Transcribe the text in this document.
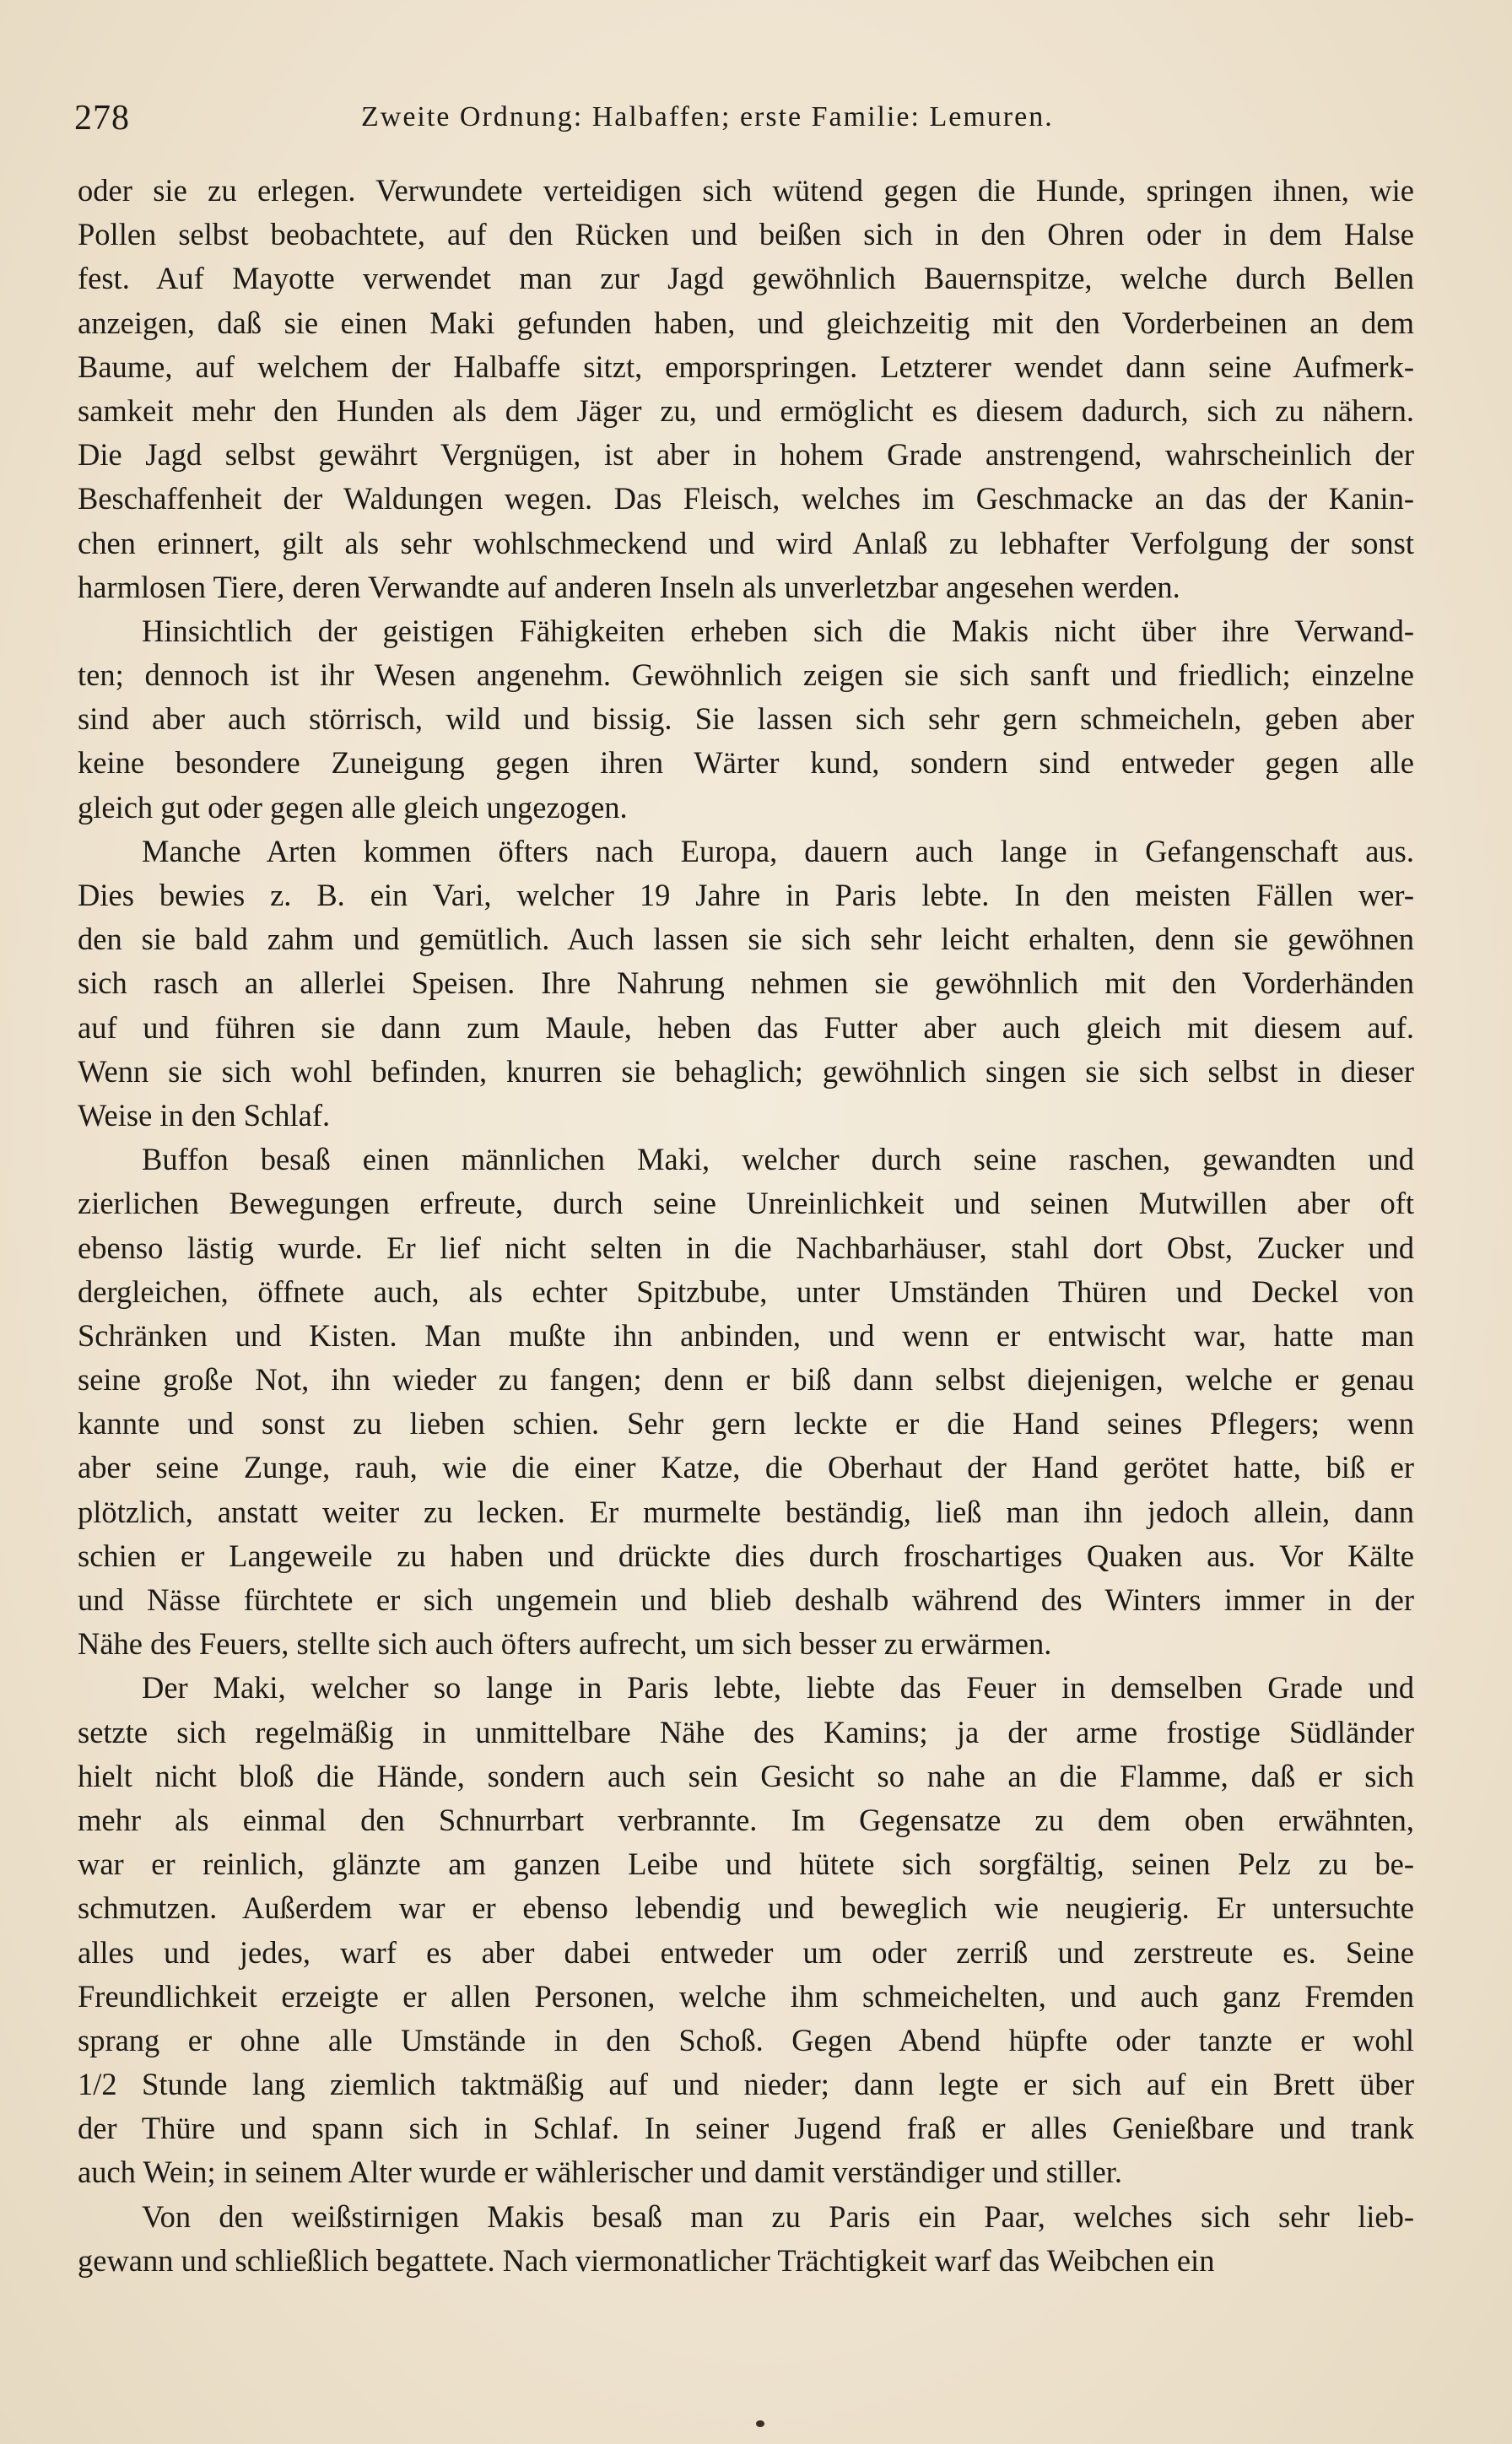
278	Zweite Ordnung: Halbaffen; erste Familie: Lemuren.
oder sie zu erlegen. Verwundete verteidigen sich wütend gegen die Hunde, springen ihnen, wie
Pollen selbst beobachtete, auf den Rücken und beißen sich in den Ohren oder in dem Halse
fest. Auf Mayotte verwendet man zur Jagd gewöhnlich Bauernspitze, welche durch Bellen
anzeigen, daß sie einen Maki gefunden haben, und gleichzeitig mit den Vorderbeinen an dem
Baume, auf welchem der Halbaffe sitzt, emporspringen. Letzterer wendet dann seine Aufmerk-
samkeit mehr den Hunden als dem Jäger zu, und ermöglicht es diesem dadurch, sich zu nähern.
Die Jagd selbst gewährt Vergnügen, ist aber in hohem Grade anstrengend, wahrscheinlich der
Beschaffenheit der Waldungen wegen. Das Fleisch, welches im Geschmacke an das der Kanin-
chen erinnert, gilt als sehr wohlschmeckend und wird Anlaß zu lebhafter Verfolgung der sonst
harmlosen Tiere, deren Verwandte auf anderen Inseln als unverletzbar angesehen werden.
Hinsichtlich der geistigen Fähigkeiten erheben sich die Makis nicht über ihre Verwand-
ten; dennoch ist ihr Wesen angenehm. Gewöhnlich zeigen sie sich sanft und friedlich; einzelne
sind aber auch störrisch, wild und bissig. Sie lassen sich sehr gern schmeicheln, geben aber
keine besondere Zuneigung gegen ihren Wärter kund, sondern sind entweder gegen alle
gleich gut oder gegen alle gleich ungezogen.
Manche Arten kommen öfters nach Europa, dauern auch lange in Gefangenschaft aus.
Dies bewies z. B. ein Vari, welcher 19 Jahre in Paris lebte. In den meisten Fällen wer-
den sie bald zahm und gemütlich. Auch lassen sie sich sehr leicht erhalten, denn sie gewöhnen
sich rasch an allerlei Speisen. Ihre Nahrung nehmen sie gewöhnlich mit den Vorderhänden
auf und führen sie dann zum Maule, heben das Futter aber auch gleich mit diesem auf.
Wenn sie sich wohl befinden, knurren sie behaglich; gewöhnlich singen sie sich selbst in dieser
Weise in den Schlaf.
Buffon besaß einen männlichen Maki, welcher durch seine raschen, gewandten und
zierlichen Bewegungen erfreute, durch seine Unreinlichkeit und seinen Mutwillen aber oft
ebenso lästig wurde. Er lief nicht selten in die Nachbarhäuser, stahl dort Obst, Zucker und
dergleichen, öffnete auch, als echter Spitzbube, unter Umständen Thüren und Deckel von
Schränken und Kisten. Man mußte ihn anbinden, und wenn er entwischt war, hatte man
seine große Not, ihn wieder zu fangen; denn er biß dann selbst diejenigen, welche er genau
kannte und sonst zu lieben schien. Sehr gern leckte er die Hand seines Pflegers; wenn
aber seine Zunge, rauh, wie die einer Katze, die Oberhaut der Hand gerötet hatte, biß er
plötzlich, anstatt weiter zu lecken. Er murmelte beständig, ließ man ihn jedoch allein, dann
schien er Langeweile zu haben und drückte dies durch froschartiges Quaken aus. Vor Kälte
und Nässe fürchtete er sich ungemein und blieb deshalb während des Winters immer in der
Nähe des Feuers, stellte sich auch öfters aufrecht, um sich besser zu erwärmen.
Der Maki, welcher so lange in Paris lebte, liebte das Feuer in demselben Grade und
setzte sich regelmäßig in unmittelbare Nähe des Kamins; ja der arme frostige Südländer
hielt nicht bloß die Hände, sondern auch sein Gesicht so nahe an die Flamme, daß er sich
mehr als einmal den Schnurrbart verbrannte. Im Gegensatze zu dem oben erwähnten,
war er reinlich, glänzte am ganzen Leibe und hütete sich sorgfältig, seinen Pelz zu be-
schmutzen. Außerdem war er ebenso lebendig und beweglich wie neugierig. Er untersuchte
alles und jedes, warf es aber dabei entweder um oder zerriß und zerstreute es. Seine
Freundlichkeit erzeigte er allen Personen, welche ihm schmeichelten, und auch ganz Fremden
sprang er ohne alle Umstände in den Schoß. Gegen Abend hüpfte oder tanzte er wohl
1/2 Stunde lang ziemlich taktmäßig auf und nieder; dann legte er sich auf ein Brett über
der Thüre und spann sich in Schlaf. In seiner Jugend fraß er alles Genießbare und trank
auch Wein; in seinem Alter wurde er wählerischer und damit verständiger und stiller.
Von den weißstirnigen Makis besaß man zu Paris ein Paar, welches sich sehr lieb-
gewann und schließlich begattete. Nach viermonatlicher Trächtigkeit warf das Weibchen ein
